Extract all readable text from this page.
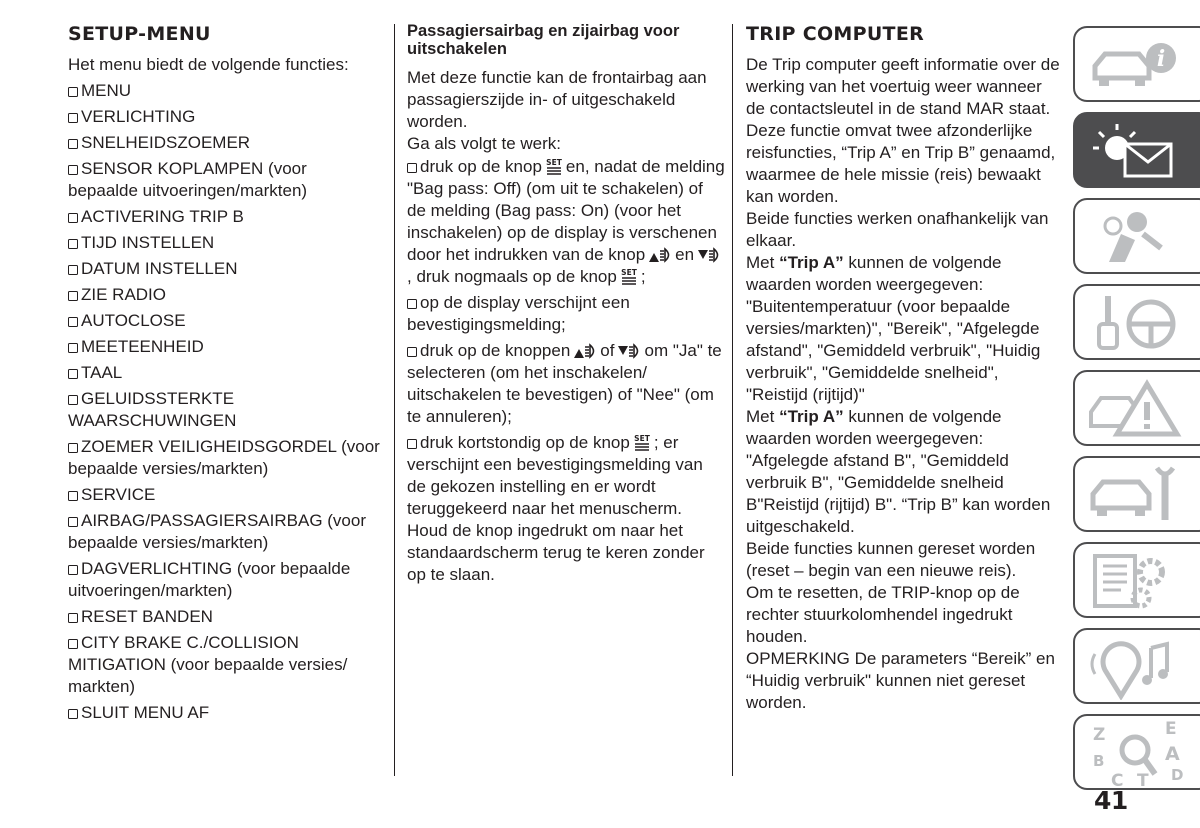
SETUP-MENU

Het menu biedt de volgende functies:

MENU

VERLICHTING

SNELHEIDSZOEMER

SENSOR KOPLAMPEN (voor bepaalde uitvoeringen/markten)

ACTIVERING TRIP B

TIJD INSTELLEN

DATUM INSTELLEN

ZIE RADIO

AUTOCLOSE

MEETEENHEID

TAAL

GELUIDSSTERKTE WAARSCHUWINGEN

ZOEMER VEILIGHEIDSGORDEL (voor bepaalde versies/markten)

SERVICE

AIRBAG/PASSAGIERSAIRBAG (voor bepaalde versies/markten)

DAGVERLICHTING (voor bepaalde uitvoeringen/markten)

RESET BANDEN

CITY BRAKE C./COLLISION MITIGATION (voor bepaalde versies/ markten)

SLUIT MENU AF

Passagiersairbag en zijairbag voor uitschakelen

Met deze functie kan de frontairbag aan passagierszijde in- of uitgeschakeld worden.

Ga als volgt te werk:

druk op de knop SET en, nadat de melding "Bag pass: Off) (om uit te schakelen) of de melding (Bag pass: On) (voor het inschakelen) op de display is verschenen door het indrukken van de knop en, druk nogmaals op de knop SET ;

op de display verschijnt een bevestigingsmelding;

druk op de knoppen of om "Ja" te selecteren (om het inschakelen/ uitschakelen te bevestigen) of "Nee" (om te annuleren);

druk kortstondig op de knop SET ; er verschijnt een bevestigingsmelding van de gekozen instelling en er wordt teruggekeerd naar het menuscherm. Houd de knop ingedrukt om naar het standaardscherm terug te keren zonder op te slaan.

TRIP COMPUTER

De Trip computer geeft informatie over de werking van het voertuig weer wanneer de contactsleutel in de stand MAR staat. Deze functie omvat twee afzonderlijke reisfuncties, “Trip A” en Trip B” genaamd, waarmee de hele missie (reis) bewaakt kan worden.

Beide functies werken onafhankelijk van elkaar.

Met “Trip A” kunnen de volgende waarden worden weergegeven: "Buitentemperatuur (voor bepaalde versies/markten)", "Bereik", "Afgelegde afstand", "Gemiddeld verbruik", "Huidig verbruik", "Gemiddelde snelheid", "Reistijd (rijtijd)"

Met “Trip A” kunnen de volgende waarden worden weergegeven: "Afgelegde afstand B", "Gemiddeld verbruik B", "Gemiddelde snelheid B"Reistijd (rijtijd) B". “Trip B” kan worden uitgeschakeld.

Beide functies kunnen gereset worden (reset – begin van een nieuwe reis).

Om te resetten, de TRIP-knop op de rechter stuurkolomhendel ingedrukt houden.

OPMERKING De parameters “Bereik” en “Huidig verbruik" kunnen niet gereset worden.

i
Z	E
A
B
C	D
T
41
